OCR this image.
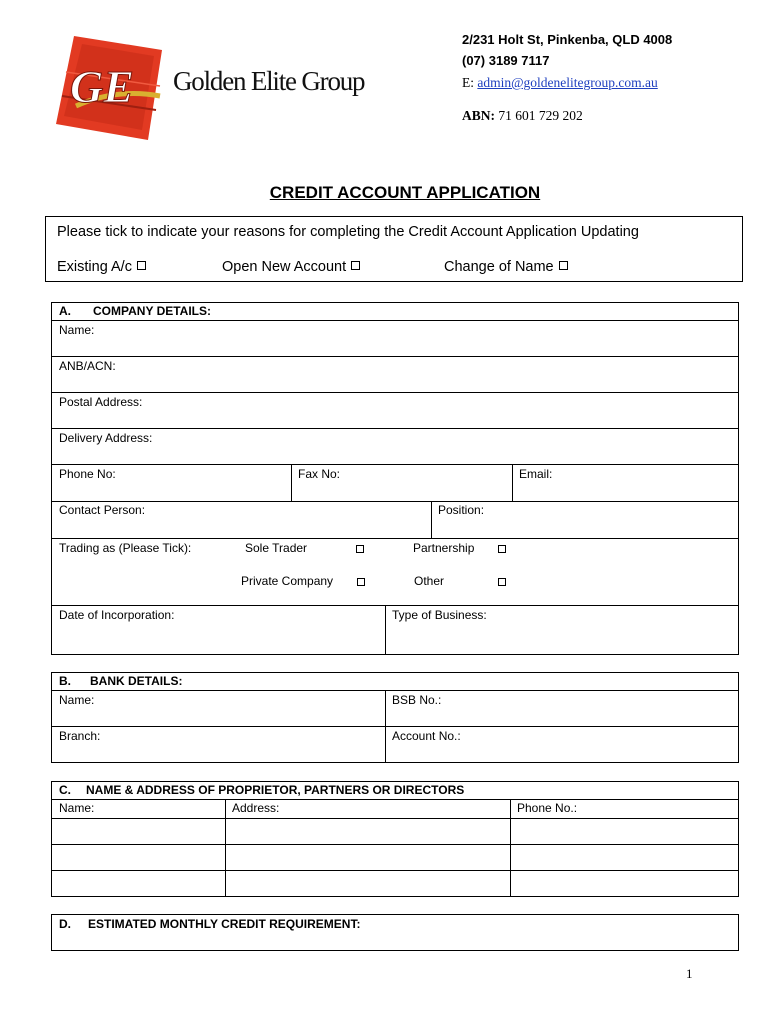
GE Golden Elite Group
2/231 Holt St, Pinkenba, QLD 4008
(07) 3189 7117
E: admin@goldenelitegroup.com.au
ABN: 71 601 729 202
CREDIT ACCOUNT APPLICATION
Please tick to indicate your reasons for completing the Credit Account Application Updating
Existing A/c	Open New Account	Change of Name
A. COMPANY DETAILS:
Name:
ANB/ACN:
Postal Address:
Delivery Address:
Phone No:	Fax No:	Email:
Contact Person:	Position:
Trading as (Please Tick):	Sole Trader	Partnership
Private Company	Other
Date of Incorporation:	Type of Business:
B. BANK DETAILS:
Name:	BSB No.:
Branch:	Account No.:
C. NAME & ADDRESS OF PROPRIETOR, PARTNERS OR DIRECTORS
Name:	Address:	Phone No.:
D. ESTIMATED MONTHLY CREDIT REQUIREMENT:
1
